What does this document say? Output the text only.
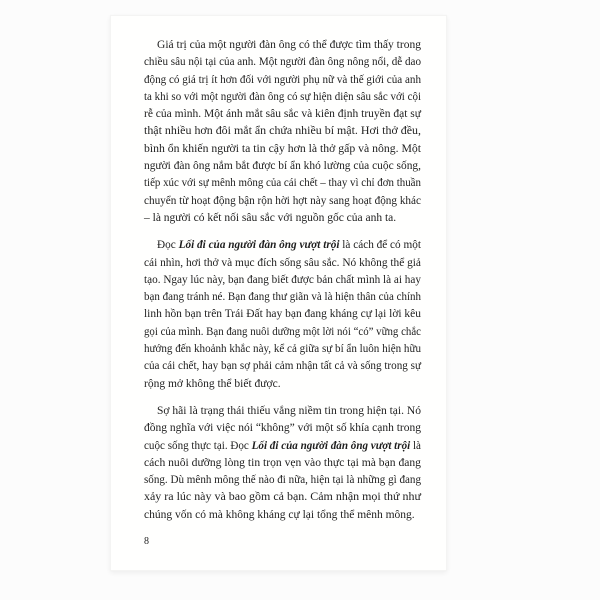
Giá trị của một người đàn ông có thể được tìm thấy trong
chiều sâu nội tại của anh. Một người đàn ông nông nổi, dễ dao
động có giá trị ít hơn đối với người phụ nữ và thế giới của anh
ta khi so với một người đàn ông có sự hiện diện sâu sắc với cội
rễ của mình. Một ánh mắt sâu sắc và kiên định truyền đạt sự
thật nhiều hơn đôi mắt ẩn chứa nhiều bí mật. Hơi thở đều,
bình ổn khiến người ta tin cậy hơn là thở gấp và nông. Một
người đàn ông nắm bắt được bí ẩn khó lường của cuộc sống,
tiếp xúc với sự mênh mông của cái chết – thay vì chỉ đơn thuần
chuyển từ hoạt động bận rộn hời hợt này sang hoạt động khác
– là người có kết nối sâu sắc với nguồn gốc của anh ta.
Đọc Lối đi của người đàn ông vượt trội là cách để có một
cái nhìn, hơi thở và mục đích sống sâu sắc. Nó không thể giả
tạo. Ngay lúc này, bạn đang biết được bản chất mình là ai hay
bạn đang tránh né. Bạn đang thư giãn và là hiện thân của chính
linh hồn bạn trên Trái Đất hay bạn đang kháng cự lại lời kêu
gọi của mình. Bạn đang nuôi dưỡng một lời nói “có” vững chắc
hướng đến khoảnh khắc này, kể cả giữa sự bí ẩn luôn hiện hữu
của cái chết, hay bạn sợ phải cảm nhận tất cả và sống trong sự
rộng mở không thể biết được.
Sợ hãi là trạng thái thiếu vắng niềm tin trong hiện tại. Nó
đồng nghĩa với việc nói “không” với một số khía cạnh trong
cuộc sống thực tại. Đọc Lối đi của người đàn ông vượt trội là
cách nuôi dưỡng lòng tin trọn vẹn vào thực tại mà bạn đang
sống. Dù mênh mông thế nào đi nữa, hiện tại là những gì đang
xảy ra lúc này và bao gồm cả bạn. Cảm nhận mọi thứ như
chúng vốn có mà không kháng cự lại tổng thể mênh mông.
8
